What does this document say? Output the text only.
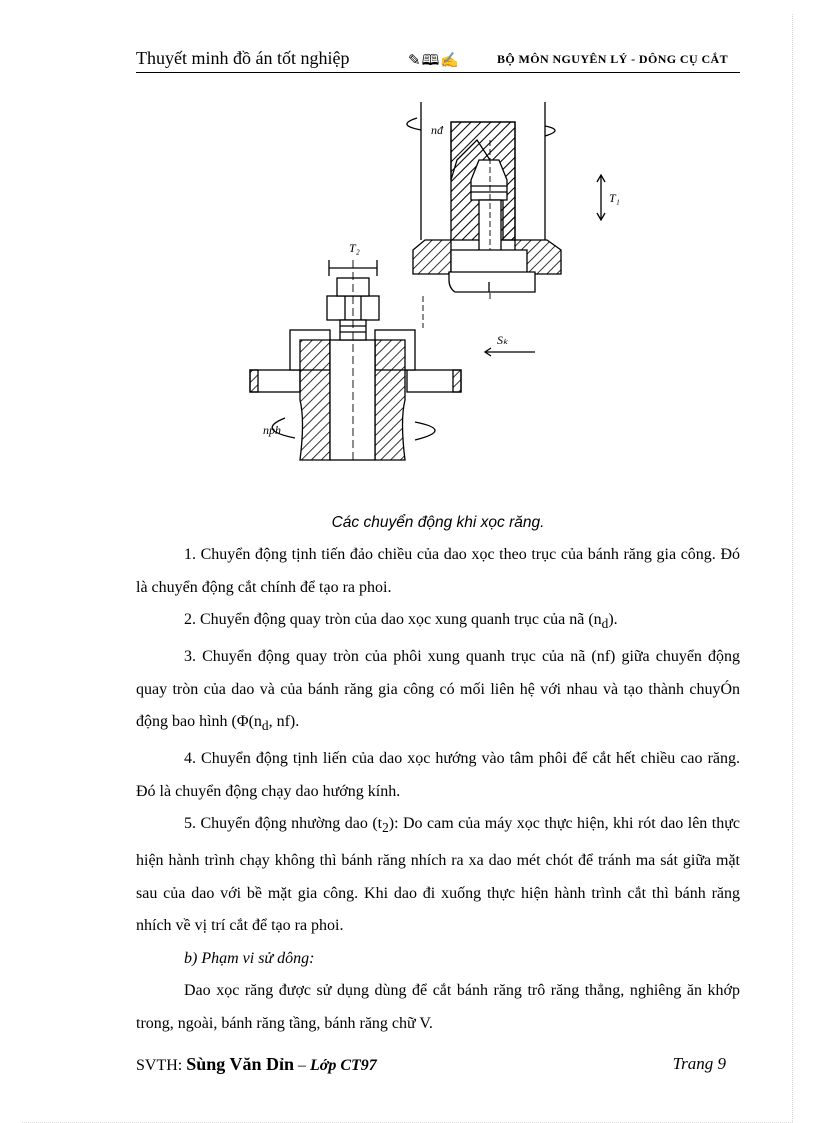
Thuyết minh đồ án tốt nghiệp	✎🕮✍	BỘ MÔN NGUYÊN LÝ - DÔNG CỤ CẮT
nđ
T₁
T₂
Sₖ
nph
Các chuyển động khi xọc răng.

1. Chuyển động tịnh tiến đảo chiều của dao xọc theo trục của bánh răng gia công. Đó là chuyển động cắt chính để tạo ra phoi.

2. Chuyển động quay tròn của dao xọc xung quanh trục của nã $(n_d)$.

3. Chuyển động quay tròn của phôi xung quanh trục của nã (nf) giữa chuyển động quay tròn của dao và của bánh răng gia công có mối liên hệ với nhau và tạo thành chuyÓn động bao hình ($\Phi(n_d$, nf).

4. Chuyển động tịnh liến của dao xọc hướng vào tâm phôi để cắt hết chiều cao răng. Đó là chuyển động chạy dao hướng kính.

5. Chuyển động nhường dao $(t_2)$: Do cam của máy xọc thực hiện, khi rót dao lên thực hiện hành trình chạy không thì bánh răng nhích ra xa dao mét chót để tránh ma sát giữa mặt sau của dao với bề mặt gia công. Khi dao đi xuống thực hiện hành trình cắt thì bánh răng nhích về vị trí cắt để tạo ra phoi.

b) Phạm vi sử dông:

Dao xọc răng được sử dụng dùng để cắt bánh răng trô răng thẳng, nghiêng ăn khớp trong, ngoài, bánh răng tầng, bánh răng chữ V.

SVTH: Sùng Văn Dỉn – Lớp CT97	Trang 9
